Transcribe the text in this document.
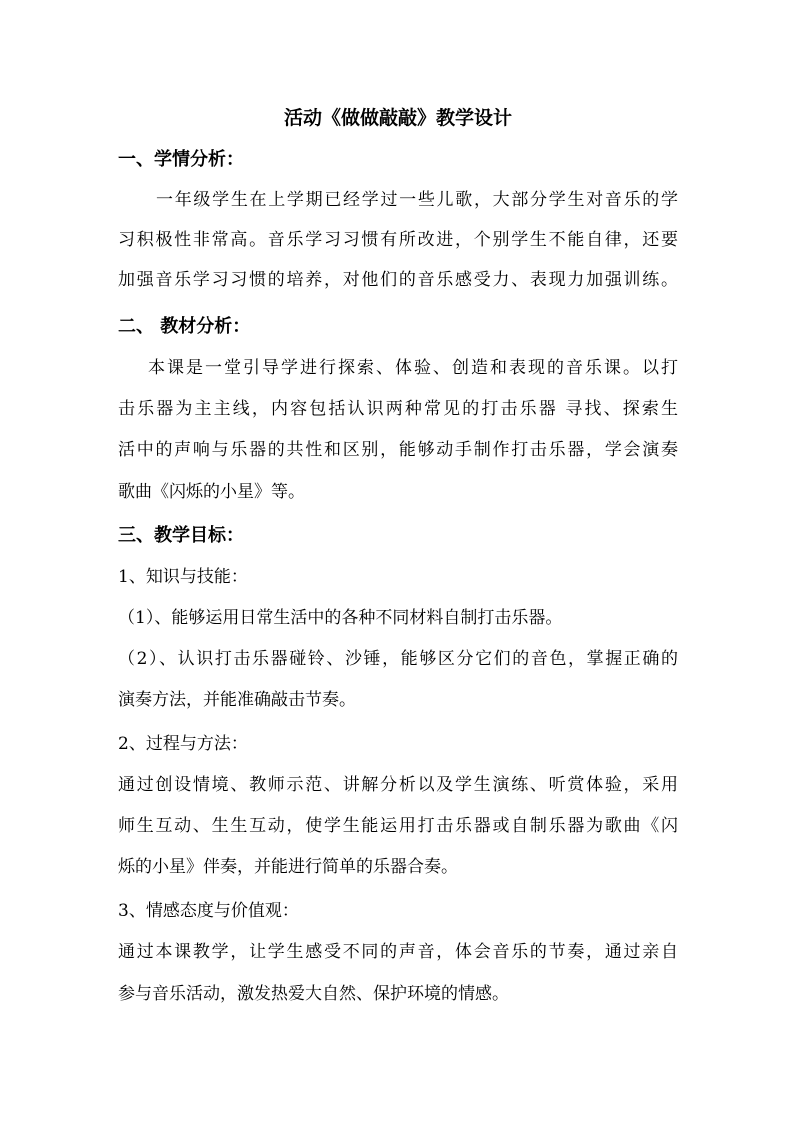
活动《做做敲敲》教学设计
一、学情分析：
一年级学生在上学期已经学过一些儿歌，大部分学生对音乐的学
习积极性非常高。音乐学习习惯有所改进，个别学生不能自律，还要
加强音乐学习习惯的培养，对他们的音乐感受力、表现力加强训练。
二、 教材分析：
本课是一堂引导学进行探索、体验、创造和表现的音乐课。以打
击乐器为主主线，内容包括认识两种常见的打击乐器 寻找、探索生
活中的声响与乐器的共性和区别，能够动手制作打击乐器，学会演奏
歌曲《闪烁的小星》等。
三、教学目标：
1、知识与技能：
（1）、能够运用日常生活中的各种不同材料自制打击乐器。
（2）、认识打击乐器碰铃、沙锤，能够区分它们的音色，掌握正确的
演奏方法，并能准确敲击节奏。
2、过程与方法：
通过创设情境、教师示范、讲解分析以及学生演练、听赏体验，采用
师生互动、生生互动，使学生能运用打击乐器或自制乐器为歌曲《闪
烁的小星》伴奏，并能进行简单的乐器合奏。
3、情感态度与价值观：
通过本课教学，让学生感受不同的声音，体会音乐的节奏，通过亲自
参与音乐活动，激发热爱大自然、保护环境的情感。
